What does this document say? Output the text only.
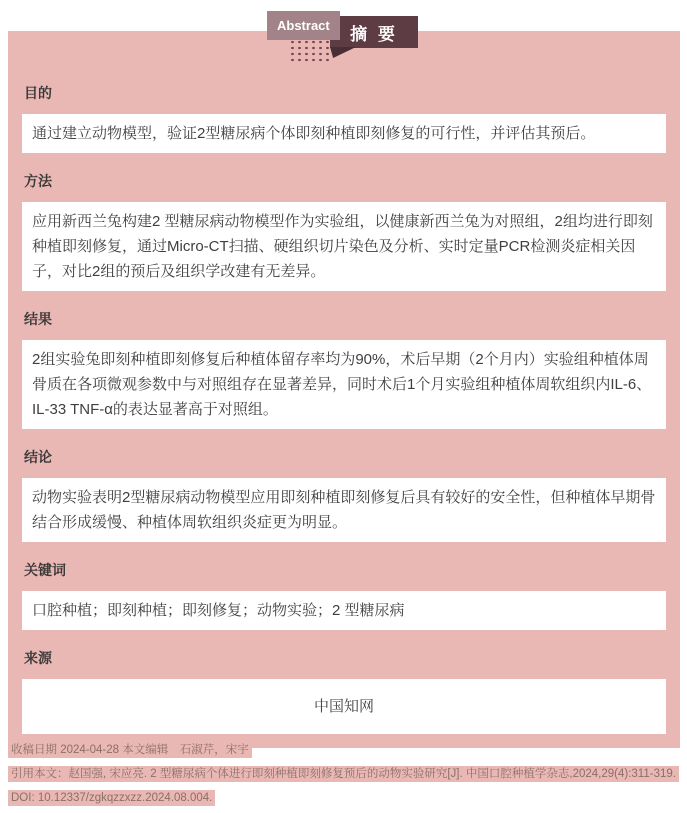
Abstract	摘 要
目的

通过建立动物模型，验证2型糖尿病个体即刻种植即刻修复的可行性，并评估其预后。

方法

应用新西兰兔构建2 型糖尿病动物模型作为实验组，以健康新西兰兔为对照组，2组均进行即刻种植即刻修复，通过Micro-CT扫描、硬组织切片染色及分析、实时定量PCR检测炎症相关因子，对比2组的预后及组织学改建有无差异。

结果

2组实验兔即刻种植即刻修复后种植体留存率均为90%，术后早期（2个月内）实验组种植体周骨质在各项微观参数中与对照组存在显著差异，同时术后1个月实验组种植体周软组织内IL-6、IL-33 TNF-α的表达显著高于对照组。

结论

动物实验表明2型糖尿病动物模型应用即刻种植即刻修复后具有较好的安全性，但种植体早期骨结合形成缓慢、种植体周软组织炎症更为明显。

关键词

口腔种植；即刻种植；即刻修复；动物实验；2 型糖尿病

来源

中国知网

收稿日期 2024-04-28 本文编辑　石淑芹，宋宇
引用本文：赵国强, 宋应亮. 2 型糖尿病个体进行即刻种植即刻修复预后的动物实验研究[J]. 中国口腔种植学杂志,2024,29(4):311-319.
DOI: 10.12337/zgkqzzxzz.2024.08.004.
